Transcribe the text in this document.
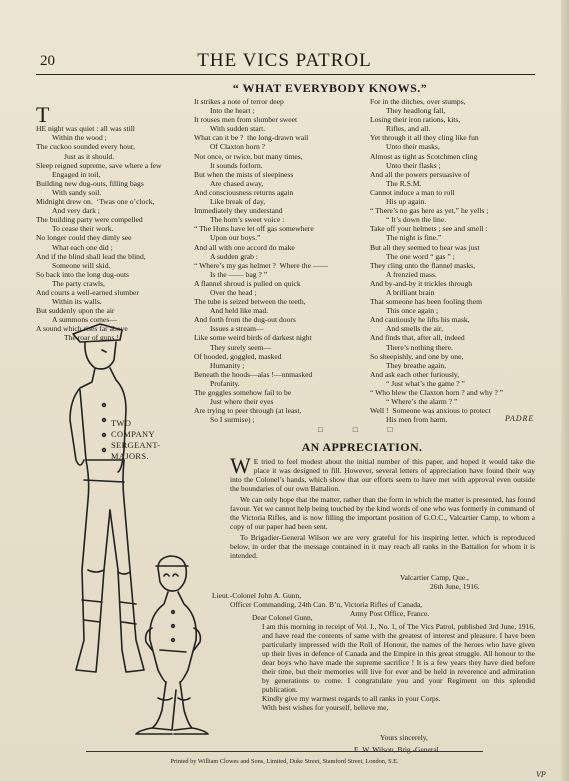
20	THE VICS PATROL
“ WHAT EVERYBODY KNOWS.”

T

HE night was quiet : all was still
Within the wood ;
The cuckoo sounded every hour,
Just as it should.
Sleep reigned supreme, save where a few
Engaged in toil,
Building new dug-outs, filling bags
With sandy soil.
Midnight drew on.  ‘Twas one o’clock,
And very dark ;
The building party were compelled
To cease their work.
No longer could they dimly see
What each one did ;
And if the blind shall lead the blind,
Someone will skid.
So back into the long dug-outs
The party crawls,
And courts a well-earned slumber
Within its walls.
But suddenly upon the air
A summons comes—
A sound which rises far above
The roar of guns !
It strikes a note of terror deep
Into the heart ;
It rouses men from slumber sweet
With sudden start.
What can it be ?  the long-drawn wail
Of Claxton horn ?
Not once, or twice, but many times,
It sounds forlorn.
But when the mists of sleepiness
Are chased away,
And consciousness returns again
Like break of day,
Immediately they understand
The horn’s sweet voice :
“ The Huns have let off gas somewhere
Upon our boys.”
And all with one accord do make
A sudden grab :
“ Where’s my gas helmet ?  Where the ——
Is the —— bag ? ”
A flannel shroud is pulled on quick
Over the head ;
The tube is seized between the teeth,
And held like mad.
And forth from the dug-out doors
Issues a stream—
Like some weird birds of darkest night
They surely seem—
Of hooded, goggled, masked
Humanity ;
Beneath the hoods—alas !—unmasked
Profanity.
The goggles somehow fail to be
Just where their eyes
Are trying to peer through (at least,
So I surmise) ;
For in the ditches, over stumps,
They headlong fall,
Losing their iron rations, kits,
Rifles, and all.
Yet through it all they cling like fun
Unto their masks,
Almost as tight as Scotchmen cling
Unto their flasks ;
And all the powers persuasive of
The R.S.M.
Cannot induce a man to roll
His up again.
“ There’s no gas here as yet,” he yells ;
“ It’s down the line.
Take off your helmets ; see and smell :
The night is fine.”
But all they seemed to hear was just
The one word “ gas ” ;
They cling unto the flannel masks,
A frenzied mass.
And by-and-by it trickles through
A brilliant brain
That someone has been fooling them
This once again ;
And cautiously he lifts his mask,
And smells the air,
And finds that, after all, indeed
There’s nothing there.
So sheepishly, and one by one,
They breathe again,
And ask each other furiously,
“ Just what’s the game ? ”
“ Who blew the Claxton horn ? and why ? ”
“ Where’s the alarm ? ”
Well !  Someone was anxious to protect
His men from harm.	PADRE
TWO
COMPANY
SERGEANT-
MAJORS.
□ □ □
AN APPRECIATION.

W E tried to feel modest about the initial number of this paper, and hoped it would take the place it was designed to fill. However, several letters of appreciation have found their way into the Colonel’s hands, which show that our efforts seem to have met with approval even outside the boundaries of our own Battalion.

We can only hope that the matter, rather than the form in which the matter is presented, has found favour. Yet we cannot help being touched by the kind words of one who was formerly in command of the Victoria Rifles, and is now filling the important position of G.O.C., Valcartier Camp, to whom a copy of our paper had been sent.

To Brigadier-General Wilson we are very grateful for his inspiring letter, which is reproduced below, in order that the message contained in it may reach all ranks in the Battalion for whom it is intended.

Valcartier Camp, Que.,
26th June, 1916.
Lieut.-Colonel John A. Gunn,
Officer Commanding, 24th Can. B’n, Victoria Rifles of Canada,
Army Post Office, France.
Dear Colonel Gunn,
I am this morning in receipt of Vol. I., No. 1, of The Vics Patrol, published 3rd June, 1916, and have read the contents of same with the greatest of interest and pleasure. I have been particularly impressed with the Roll of Honour, the names of the heroes who have given up their lives in defence of Canada and the Empire in this great struggle. All honour to the dear boys who have made the supreme sacrifice ! It is a few years they have died before their time, but their memories will live for ever and be held in reverence and admiration by generations to come. I congratulate you and your Regiment on this splendid publication.
Kindly give my warmest regards to all ranks in your Corps.
With best wishes for yourself, believe me,
Yours sincerely,
E. W. Wilson, Brig.-General.
Printed by William Clowes and Sons, Limited, Duke Street, Stamford Street, London, S.E.
VP
